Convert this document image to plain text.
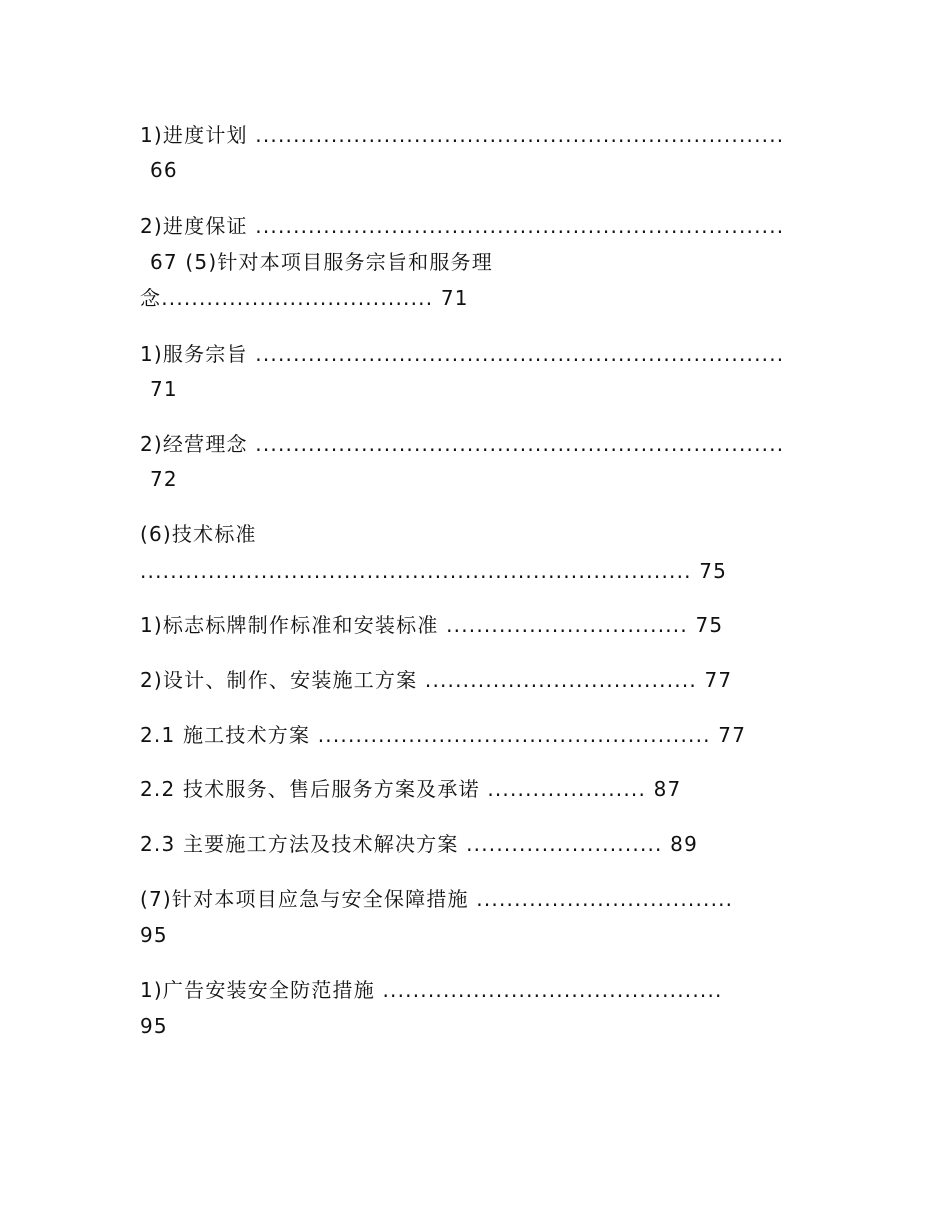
1)进度计划 ......................................................................
66
2)进度保证 ......................................................................
67 (5)针对本项目服务宗旨和服务理
念.................................... 71
1)服务宗旨 ......................................................................
71
2)经营理念 ......................................................................
72
(6)技术标准
......................................................................... 75
1)标志标牌制作标准和安装标准 ................................ 75
2)设计、制作、安装施工方案 .................................... 77
2.1 施工技术方案 .................................................... 77
2.2 技术服务、售后服务方案及承诺 ..................... 87
2.3 主要施工方法及技术解决方案 .......................... 89
(7)针对本项目应急与安全保障措施 ..................................
95
1)广告安装安全防范措施 .............................................
95
